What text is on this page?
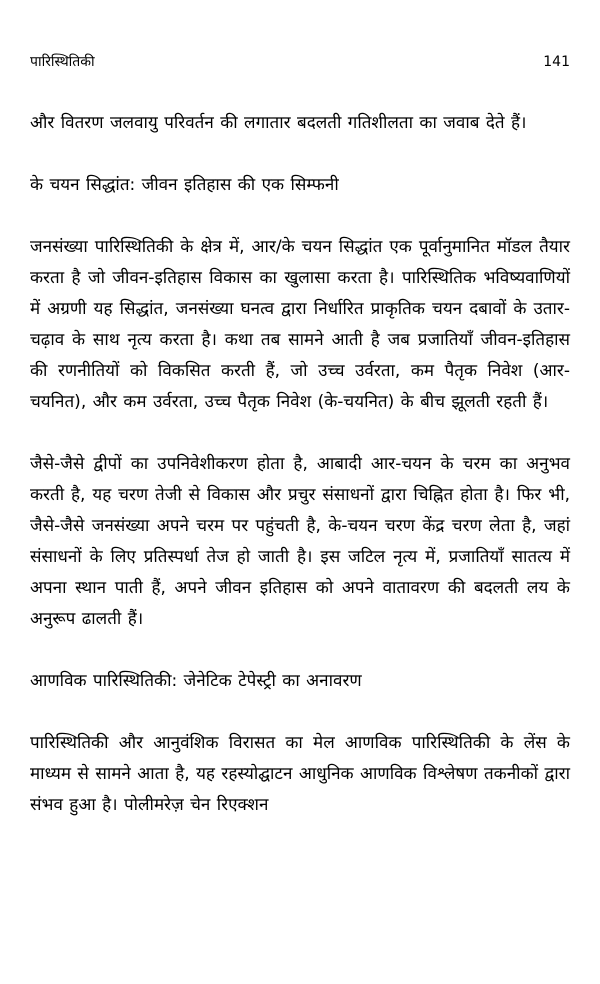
पारिस्थितिकी	141

और वितरण जलवायु परिवर्तन की लगातार बदलती गतिशीलता का जवाब देते हैं।

के चयन सिद्धांत: जीवन इतिहास की एक सिम्फनी

जनसंख्या पारिस्थितिकी के क्षेत्र में, आर/के चयन सिद्धांत एक पूर्वानुमानित मॉडल तैयार करता है जो जीवन-इतिहास विकास का खुलासा करता है। पारिस्थितिक भविष्यवाणियों में अग्रणी यह सिद्धांत, जनसंख्या घनत्व द्वारा निर्धारित प्राकृतिक चयन दबावों के उतार-चढ़ाव के साथ नृत्य करता है। कथा तब सामने आती है जब प्रजातियाँ जीवन-इतिहास की रणनीतियों को विकसित करती हैं, जो उच्च उर्वरता, कम पैतृक निवेश (आर-चयनित), और कम उर्वरता, उच्च पैतृक निवेश (के-चयनित) के बीच झूलती रहती हैं।

जैसे-जैसे द्वीपों का उपनिवेशीकरण होता है, आबादी आर-चयन के चरम का अनुभव करती है, यह चरण तेजी से विकास और प्रचुर संसाधनों द्वारा चिह्नित होता है। फिर भी, जैसे-जैसे जनसंख्या अपने चरम पर पहुंचती है, के-चयन चरण केंद्र चरण लेता है, जहां संसाधनों के लिए प्रतिस्पर्धा तेज हो जाती है। इस जटिल नृत्य में, प्रजातियाँ सातत्य में अपना स्थान पाती हैं, अपने जीवन इतिहास को अपने वातावरण की बदलती लय के अनुरूप ढालती हैं।

आणविक पारिस्थितिकी: जेनेटिक टेपेस्ट्री का अनावरण

पारिस्थितिकी और आनुवंशिक विरासत का मेल आणविक पारिस्थितिकी के लेंस के माध्यम से सामने आता है, यह रहस्योद्घाटन आधुनिक आणविक विश्लेषण तकनीकों द्वारा संभव हुआ है। पोलीमरेज़ चेन रिएक्शन
